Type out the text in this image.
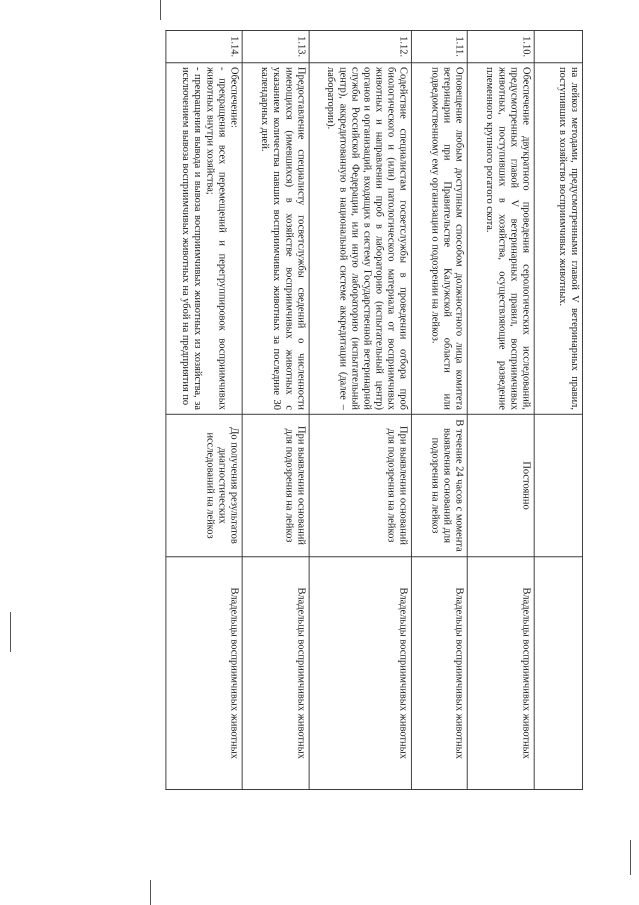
	на лейкоз методами, предусмотренными главой V ветеринарных правил, поступивших в хозяйство восприимчивых животных.		
1.10.	Обеспечение двукратного проведения серологических исследований, предусмотренных главой V ветеринарных правил, восприимчивых животных, поступивших в хозяйства, осуществляющие разведение племенного крупного рогатого скота.	Постоянно	Владельцы восприимчивых животных
1.11.	Оповещение любым доступным способом должностного лица комитета ветеринарии при Правительстве Калужской области или подведомственному ему организации о подозрении на лейкоз.	В течение 24 часов с момента выявления оснований для подозрения на лейкоз	Владельцы восприимчивых животных
1.12.	Содействие специалистам госветслужбы в проведении отбора проб биологического и (или) патологического материала от восприимчивых животных и направлении проб в лабораторию (испытательный центр) органов и организаций, входящих в систему Государственной ветеринарной службы Российской Федерации, или иную лабораторию (испытательный центр), аккредитованную в национальной системе аккредитации (далее – лаборатории).	При выявлении оснований для подозрения на лейкоз	Владельцы восприимчивых животных
1.13.	Предоставление специалисту госветслужбы сведений о численности имеющихся (имевшихся) в хозяйстве восприимчивых животных с указанием количества павших восприимчивых животных за последние 30 календарных дней.	При выявлении оснований для подозрения на лейкоз	Владельцы восприимчивых животных
1.14.	Обеспечение:
- прекращения всех перемещений и перегруппировок восприимчивых животных внутри хозяйства;
- прекращения вывода и вывоза восприимчивых животных из хозяйства, за исключением вывоза восприимчивых животных на убой на предприятия по	До получения результатов диагностических исследований на лейкоз	Владельцы восприимчивых животных
